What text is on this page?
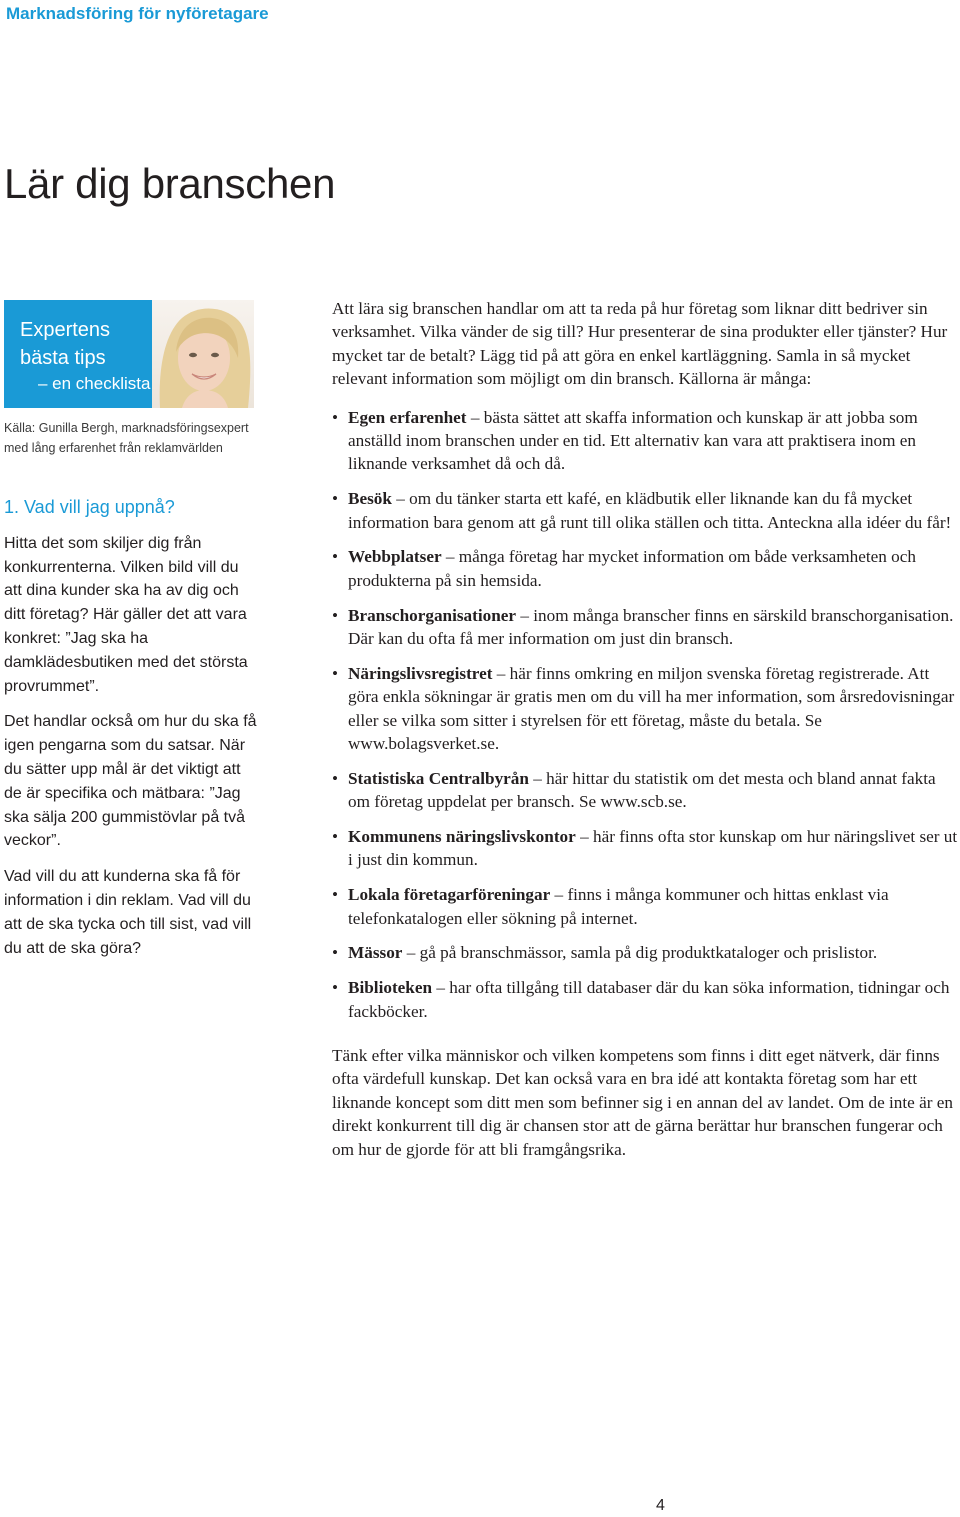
Marknadsföring för nyföretagare
Lär dig branschen
Expertens
bästa tips
– en checklista
Källa: Gunilla Bergh, marknadsföringsexpert
med lång erfarenhet från reklamvärlden
1. Vad vill jag uppnå?

Hitta det som skiljer dig från konkurrenterna. Vilken bild vill du att dina kunder ska ha av dig och ditt företag? Här gäller det att vara konkret: ”Jag ska ha damklädesbutiken med det största provrummet”.

Det handlar också om hur du ska få igen pengarna som du satsar. När du sätter upp mål är det viktigt att de är specifika och mätbara: ”Jag ska sälja 200 gummistövlar på två veckor”.

Vad vill du att kunderna ska få för information i din reklam. Vad vill du att de ska tycka och till sist, vad vill du att de ska göra?

Att lära sig branschen handlar om att ta reda på hur företag som liknar ditt bedriver sin verksamhet. Vilka vänder de sig till? Hur presenterar de sina produkter eller tjänster? Hur mycket tar de betalt? Lägg tid på att göra en enkel kartläggning. Samla in så mycket relevant information som möjligt om din bransch. Källorna är många:

• Egen erfarenhet – bästa sättet att skaffa information och kunskap är att jobba som anställd inom branschen under en tid. Ett alternativ kan vara att praktisera inom en liknande verksamhet då och då.
• Besök – om du tänker starta ett kafé, en klädbutik eller liknande kan du få mycket information bara genom att gå runt till olika ställen och titta. Anteckna alla idéer du får!
• Webbplatser – många företag har mycket information om både verksamheten och produkterna på sin hemsida.
• Branschorganisationer – inom många branscher finns en särskild branschorganisation. Där kan du ofta få mer information om just din bransch.
• Näringslivsregistret – här finns omkring en miljon svenska företag registrerade. Att göra enkla sökningar är gratis men om du vill ha mer information, som årsredovisningar eller se vilka som sitter i styrelsen för ett företag, måste du betala. Se www.bolagsverket.se.
• Statistiska Centralbyrån – här hittar du statistik om det mesta och bland annat fakta om företag uppdelat per bransch. Se www.scb.se.
• Kommunens näringslivskontor – här finns ofta stor kunskap om hur näringslivet ser ut i just din kommun.
• Lokala företagarföreningar – finns i många kommuner och hittas enklast via telefonkatalogen eller sökning på internet.
• Mässor – gå på branschmässor, samla på dig produktkataloger och prislistor.
• Biblioteken – har ofta tillgång till databaser där du kan söka information, tidningar och fackböcker.

Tänk efter vilka människor och vilken kompetens som finns i ditt eget nätverk, där finns ofta värdefull kunskap. Det kan också vara en bra idé att kontakta företag som har ett liknande koncept som ditt men som befinner sig i en annan del av landet. Om de inte är en direkt konkurrent till dig är chansen stor att de gärna berättar hur branschen fungerar och om hur de gjorde för att bli framgångsrika.

4
